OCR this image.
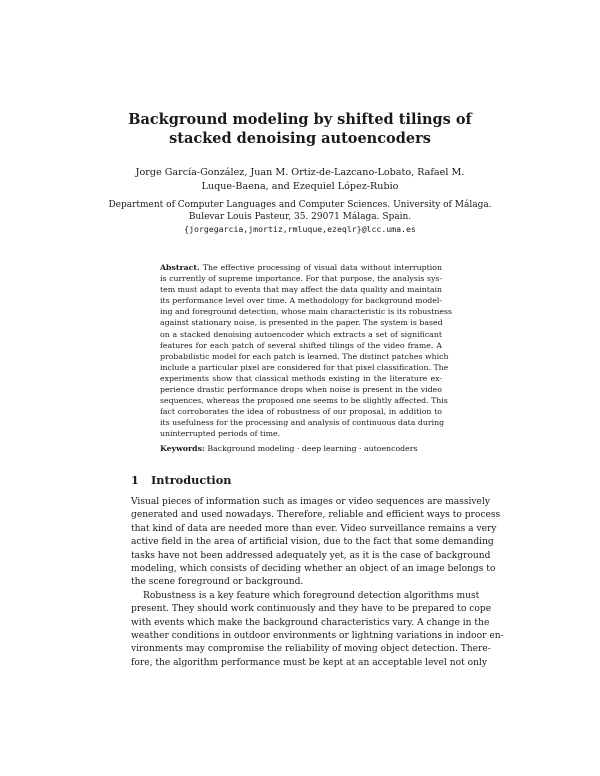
Background modeling by shifted tilings of
stacked denoising autoencoders
Jorge García-González, Juan M. Ortiz-de-Lazcano-Lobato, Rafael M.
Luque-Baena, and Ezequiel López-Rubio
Department of Computer Languages and Computer Sciences. University of Málaga.
Bulevar Louis Pasteur, 35. 29071 Málaga. Spain.
{jorgegarcia,jmortiz,rmluque,ezeqlr}@lcc.uma.es
Abstract. The effective processing of visual data without interruption
is currently of supreme importance. For that purpose, the analysis sys-
tem must adapt to events that may affect the data quality and maintain
its performance level over time. A methodology for background model-
ing and foreground detection, whose main characteristic is its robustness
against stationary noise, is presented in the paper. The system is based
on a stacked denoising autoencoder which extracts a set of significant
features for each patch of several shifted tilings of the video frame. A
probabilistic model for each patch is learned. The distinct patches which
include a particular pixel are considered for that pixel classification. The
experiments show that classical methods existing in the literature ex-
perience drastic performance drops when noise is present in the video
sequences, whereas the proposed one seems to be slightly affected. This
fact corroborates the idea of robustness of our proposal, in addition to
its usefulness for the processing and analysis of continuous data during
uninterrupted periods of time.
Keywords: Background modeling · deep learning · autoencoders
1 Introduction
Visual pieces of information such as images or video sequences are massively
generated and used nowadays. Therefore, reliable and efficient ways to process
that kind of data are needed more than ever. Video surveillance remains a very
active field in the area of artificial vision, due to the fact that some demanding
tasks have not been addressed adequately yet, as it is the case of background
modeling, which consists of deciding whether an object of an image belongs to
the scene foreground or background.
Robustness is a key feature which foreground detection algorithms must
present. They should work continuously and they have to be prepared to cope
with events which make the background characteristics vary. A change in the
weather conditions in outdoor environments or lightning variations in indoor en-
vironments may compromise the reliability of moving object detection. There-
fore, the algorithm performance must be kept at an acceptable level not only
